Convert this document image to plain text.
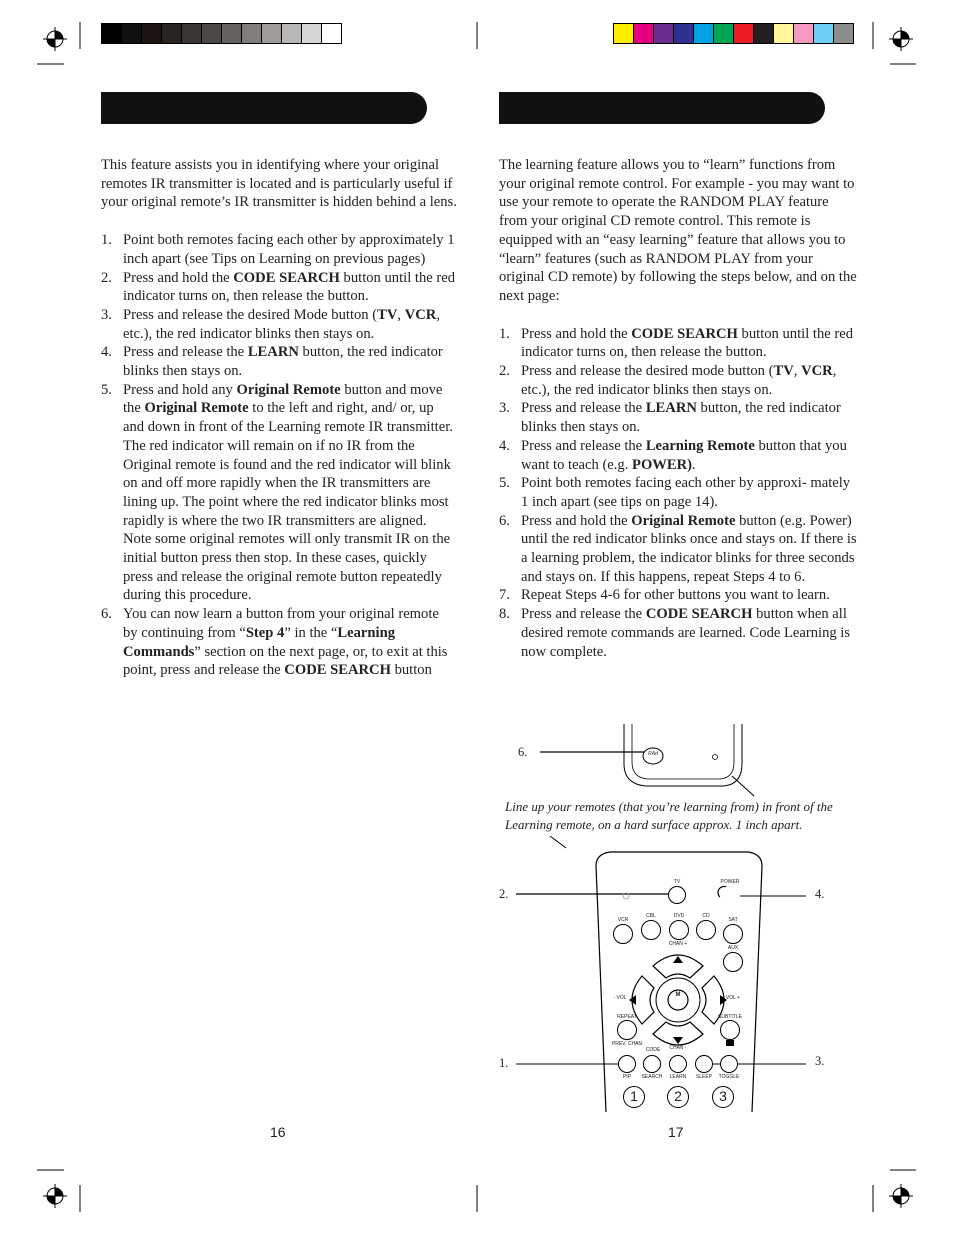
This feature assists you in identifying where your original remotes IR transmitter is located and is particularly useful if your original remote’s IR transmitter is hidden behind a lens.

1. Point both remotes facing each other by approximately 1 inch apart (see Tips on Learning on previous pages)
2. Press and hold the CODE SEARCH button until the red indicator turns on, then release the button.
3. Press and release the desired Mode button (TV, VCR, etc.), the red indicator blinks then stays on.
4. Press and release the LEARN button, the red indicator blinks then stays on.
5. Press and hold any Original Remote button and move the Original Remote to the left and right, and/ or, up and down in front of the Learning remote IR transmitter. The red indicator will remain on if no IR from the Original remote is found and the red indicator will blink on and off more rapidly when the IR transmitters are lining up. The point where the red indicator blinks most rapidly is where the two IR transmitters are aligned. Note some original remotes will only transmit IR on the initial button press then stop. In these cases, quickly press and release the original remote button repeatedly during this procedure.
6. You can now learn a button from your original remote by continuing from “Step 4” in the “Learning Commands” section on the next page, or, to exit at this point, press and release the CODE SEARCH button

The learning feature allows you to “learn” functions from your original remote control. For example - you may want to use your remote to operate the RANDOM PLAY feature from your original CD remote control. This remote is equipped with an “easy learning” feature that allows you to “learn” features (such as RANDOM PLAY from your original CD remote) by following the steps below, and on the next page:

1. Press and hold the CODE SEARCH button until the red indicator turns on, then release the button.
2. Press and release the desired mode button (TV, VCR, etc.), the red indicator blinks then stays on.
3. Press and release the LEARN button, the red indicator blinks then stays on.
4. Press and release the Learning Remote button that you want to teach (e.g. POWER).
5. Point both remotes facing each other by approxi- mately 1 inch apart (see tips on page 14).
6. Press and hold the Original Remote button (e.g. Power) until the red indicator blinks once and stays on. If there is a learning problem, the indicator blinks for three seconds and stays on. If this happens, repeat Steps 4 to 6.
7. Repeat Steps 4-6 for other buttons you want to learn.
8. Press and release the CODE SEARCH button when all desired remote commands are learned. Code Learning is now complete.
RAd
6.
Line up your remotes (that you’re learning from) in front of the Learning remote, on a hard surface approx. 1 inch apart.
1	2	3
M
TV	POWER
VCR
CBL	DVD	CD
SAT
CHAN +
AUX
- VOL	VOL +
REPEAT	SUBTITLE
PREV. CHAN
CODE	CHAN -
PIP	SEARCH	LEARN	SLEEP	TOGGLE
2.	4.
1.	3.
16	17
